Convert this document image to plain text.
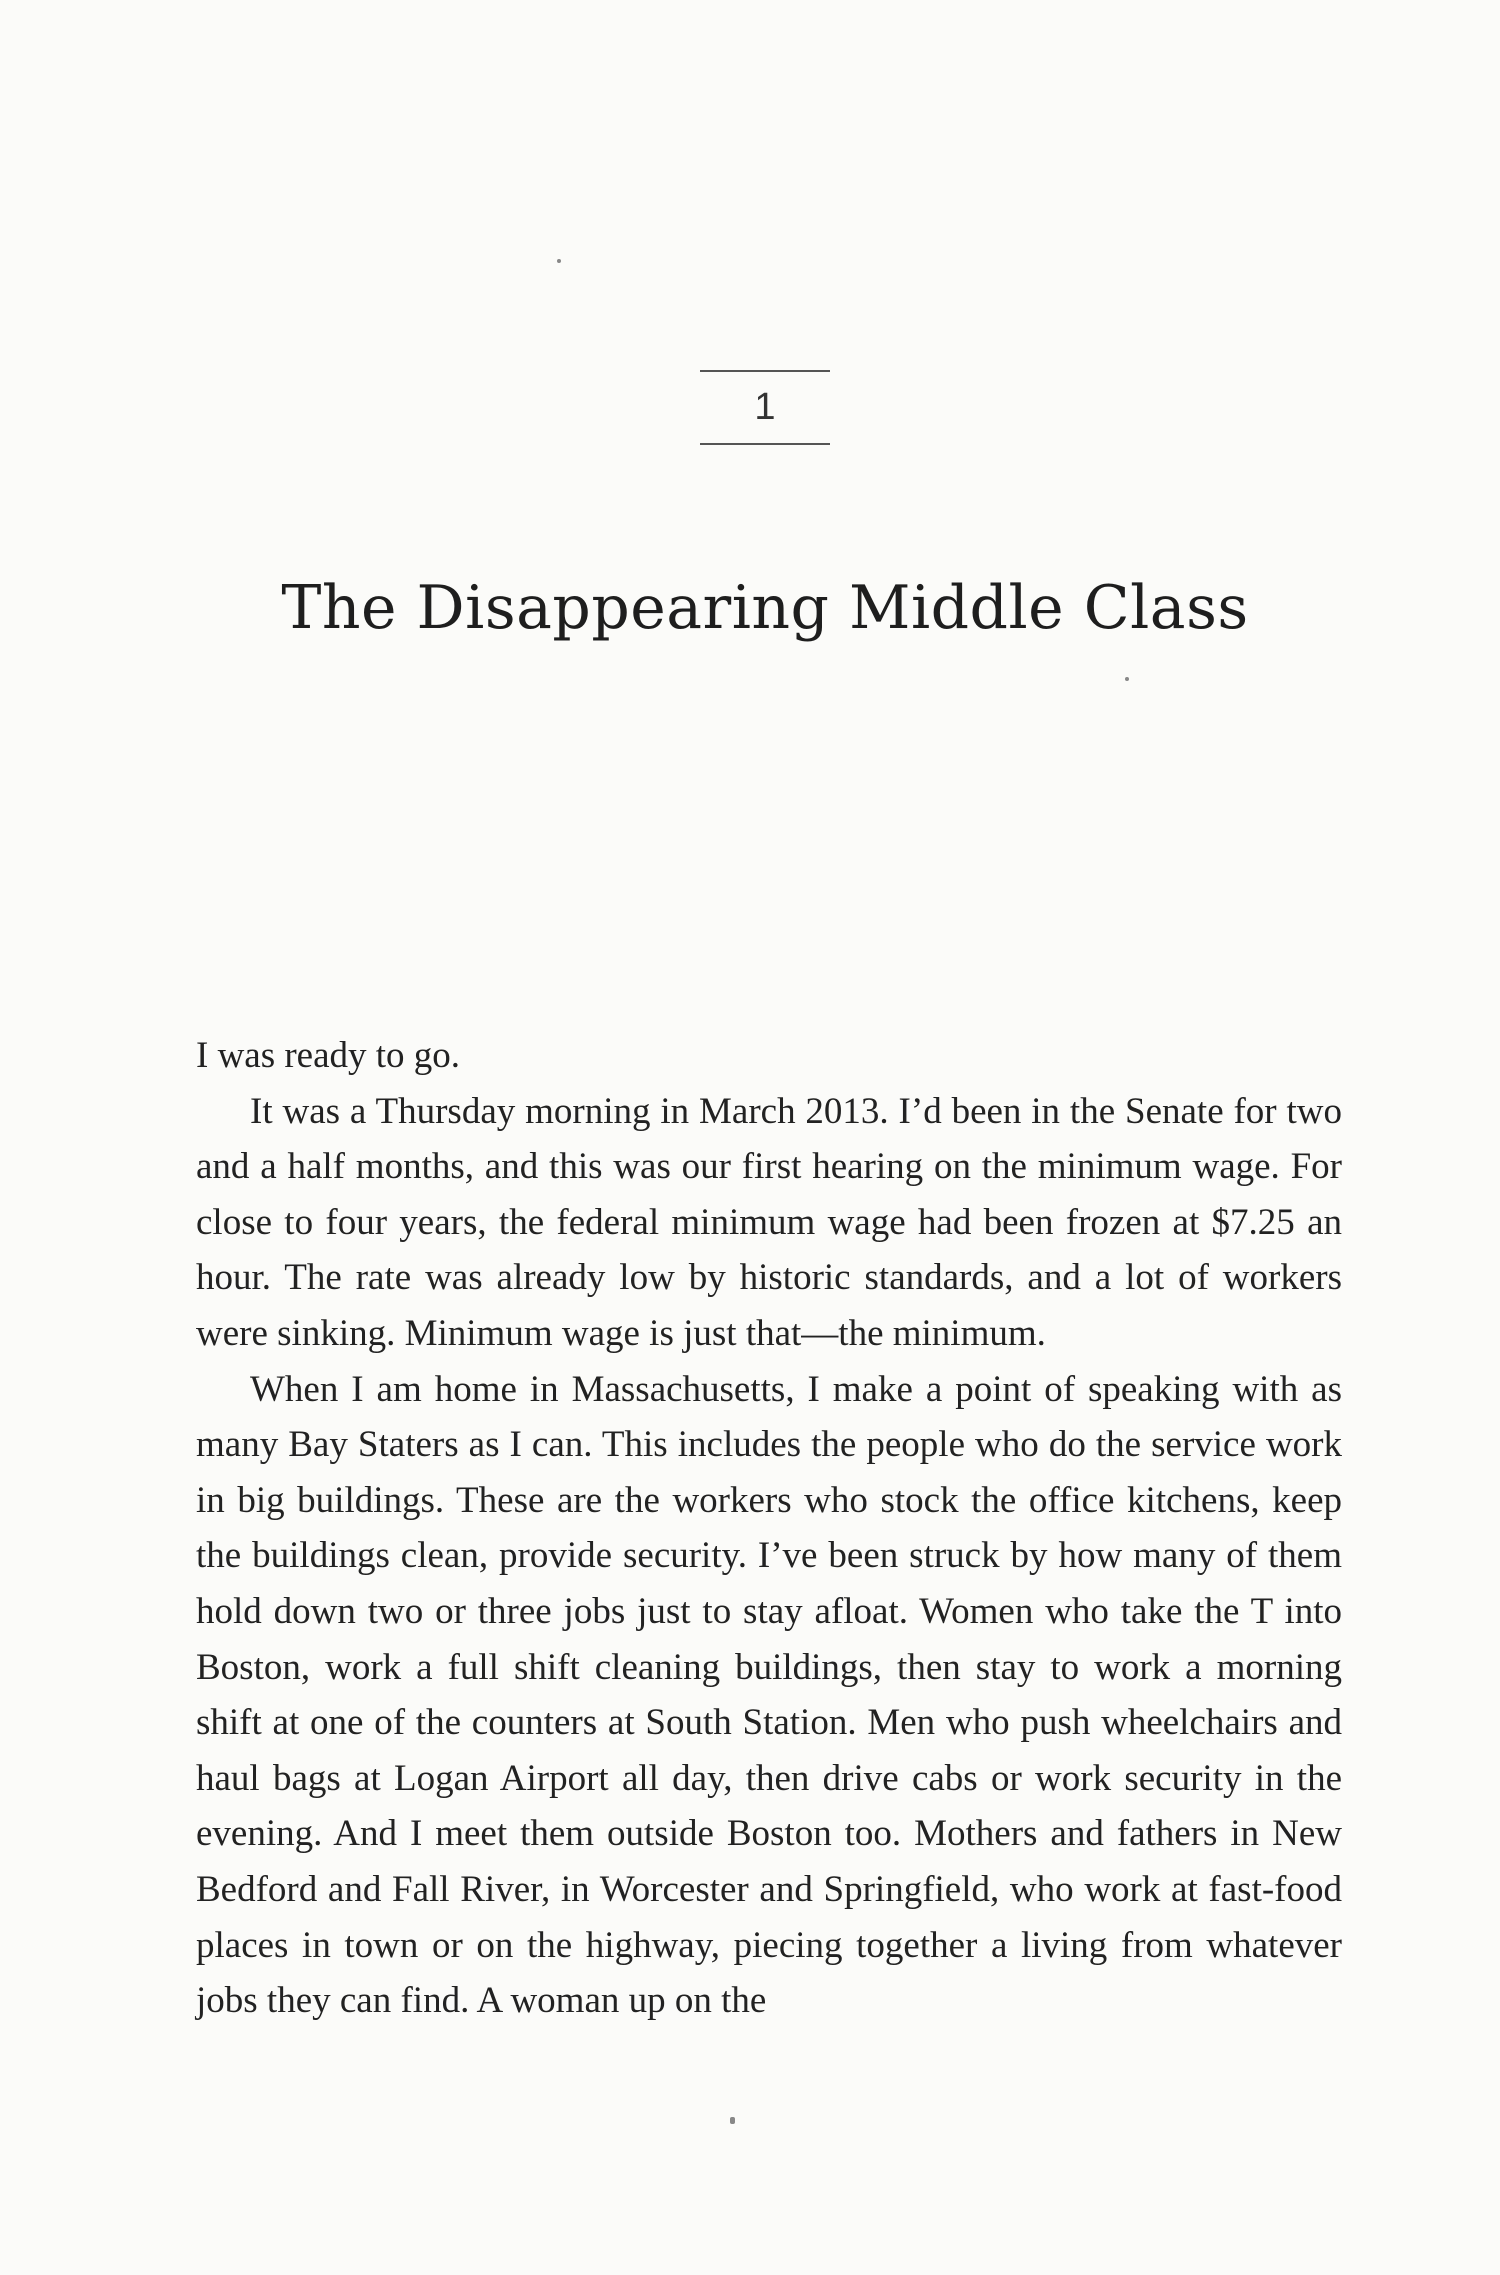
1
The Disappearing Middle Class

I was ready to go.

It was a Thursday morning in March 2013. I’d been in the Senate for two and a half months, and this was our first hearing on the minimum wage. For close to four years, the federal minimum wage had been frozen at $7.25 an hour. The rate was already low by historic standards, and a lot of workers were sinking. Minimum wage is just that—the minimum.

When I am home in Massachusetts, I make a point of speaking with as many Bay Staters as I can. This includes the people who do the service work in big buildings. These are the workers who stock the office kitchens, keep the buildings clean, provide security. I’ve been struck by how many of them hold down two or three jobs just to stay afloat. Women who take the T into Boston, work a full shift cleaning buildings, then stay to work a morning shift at one of the counters at South Station. Men who push wheelchairs and haul bags at Logan Airport all day, then drive cabs or work security in the evening. And I meet them outside Boston too. Mothers and fathers in New Bedford and Fall River, in Worcester and Springfield, who work at fast-food places in town or on the highway, piecing together a living from whatever jobs they can find. A woman up on the
